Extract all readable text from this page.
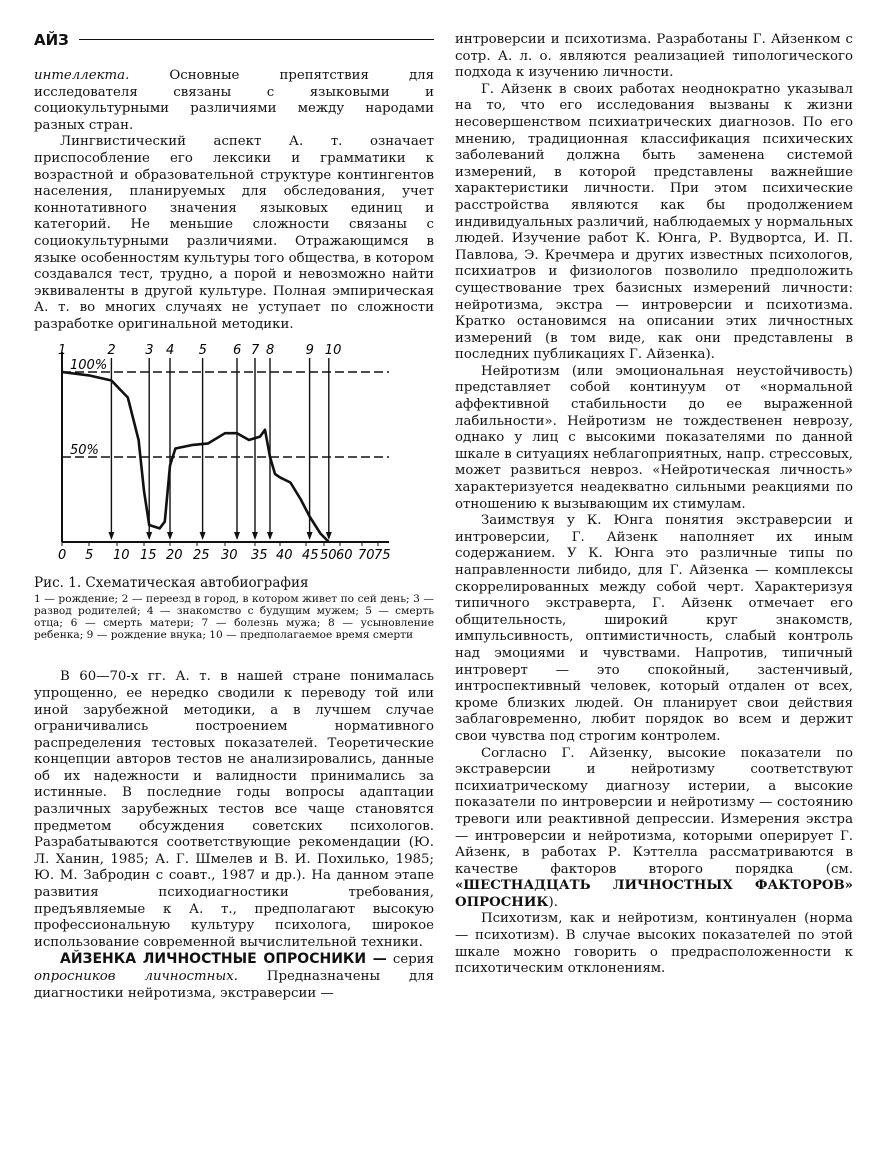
АЙЗ

интеллекта. Основные препятствия для исследователя связаны с языковыми и социокультурными различиями между народами разных стран.

Лингвистический аспект А. т. означает приспособление его лексики и грамматики к возрастной и образовательной структуре контингентов населения, планируемых для обследования, учет коннотативного значения языковых единиц и категорий. Не меньшие сложности связаны с социокультурными различиями. Отражающимся в языке особенностям культуры того общества, в котором создавался тест, трудно, а порой и невозможно найти эквиваленты в другой культуре. Полная эмпирическая А. т. во многих случаях не уступает по сложности разработке оригинальной методики.

100%
50%
1	2 3 4 5 6 7 8 9 10
0 5 10 15 20 25 30 35 40 45 50 60 70 75
Рис. 1. Схематическая автобиография
1 — рождение; 2 — переезд в город, в котором живет по сей день; 3 — развод родителей; 4 — знакомство с будущим мужем; 5 — смерть отца; 6 — смерть матери; 7 — болезнь мужа; 8 — усыновление ребенка; 9 — рождение внука; 10 — предполагаемое время смерти

В 60—70-х гг. А. т. в нашей стране понималась упрощенно, ее нередко сводили к переводу той или иной зарубежной методики, а в лучшем случае ограничивались построением нормативного распределения тестовых показателей. Теоретические концепции авторов тестов не анализировались, данные об их надежности и валидности принимались за истинные. В последние годы вопросы адаптации различных зарубежных тестов все чаще становятся предметом обсуждения советских психологов. Разрабатываются соответствующие рекомендации (Ю. Л. Ханин, 1985; А. Г. Шмелев и В. И. Похилько, 1985; Ю. М. Забродин с соавт., 1987 и др.). На данном этапе развития психодиагностики требования, предъявляемые к А. т., предполагают высокую профессиональную культуру психолога, широкое использование современной вычислительной техники.

АЙЗЕНКА ЛИЧНОСТНЫЕ ОПРОСНИКИ — серия опросников личностных. Предназначены для диагностики нейротизма, экстраверсии —

интроверсии и психотизма. Разработаны Г. Айзенком с сотр. А. л. о. являются реализацией типологического подхода к изучению личности.

Г. Айзенк в своих работах неоднократно указывал на то, что его исследования вызваны к жизни несовершенством психиатрических диагнозов. По его мнению, традиционная классификация психических заболеваний должна быть заменена системой измерений, в которой представлены важнейшие характеристики личности. При этом психические расстройства являются как бы продолжением индивидуальных различий, наблюдаемых у нормальных людей. Изучение работ К. Юнга, Р. Вудвортса, И. П. Павлова, Э. Кречмера и других известных психологов, психиатров и физиологов позволило предположить существование трех базисных измерений личности: нейротизма, экстра — интроверсии и психотизма. Кратко остановимся на описании этих личностных измерений (в том виде, как они представлены в последних публикациях Г. Айзенка).

Нейротизм (или эмоциональная неустойчивость) представляет собой континуум от «нормальной аффективной стабильности до ее выраженной лабильности». Нейротизм не тождественен неврозу, однако у лиц с высокими показателями по данной шкале в ситуациях неблагоприятных, напр. стрессовых, может развиться невроз. «Нейротическая личность» характеризуется неадекватно сильными реакциями по отношению к вызывающим их стимулам.

Заимствуя у К. Юнга понятия экстраверсии и интроверсии, Г. Айзенк наполняет их иным содержанием. У К. Юнга это различные типы по направленности либидо, для Г. Айзенка — комплексы скоррелированных между собой черт. Характеризуя типичного экстраверта, Г. Айзенк отмечает его общительность, широкий круг знакомств, импульсивность, оптимистичность, слабый контроль над эмоциями и чувствами. Напротив, типичный интроверт — это спокойный, застенчивый, интроспективный человек, который отдален от всех, кроме близких людей. Он планирует свои действия заблаговременно, любит порядок во всем и держит свои чувства под строгим контролем.

Согласно Г. Айзенку, высокие показатели по экстраверсии и нейротизму соответствуют психиатрическому диагнозу истерии, а высокие показатели по интроверсии и нейротизму — состоянию тревоги или реактивной депрессии. Измерения экстра — интроверсии и нейротизма, которыми оперирует Г. Айзенк, в работах Р. Кэттелла рассматриваются в качестве факторов второго порядка (см. «ШЕСТНАДЦАТЬ ЛИЧНОСТНЫХ ФАКТОРОВ» ОПРОСНИК).

Психотизм, как и нейротизм, континуален (норма — психотизм). В случае высоких показателей по этой шкале можно говорить о предрасположенности к психотическим отклонениям.
